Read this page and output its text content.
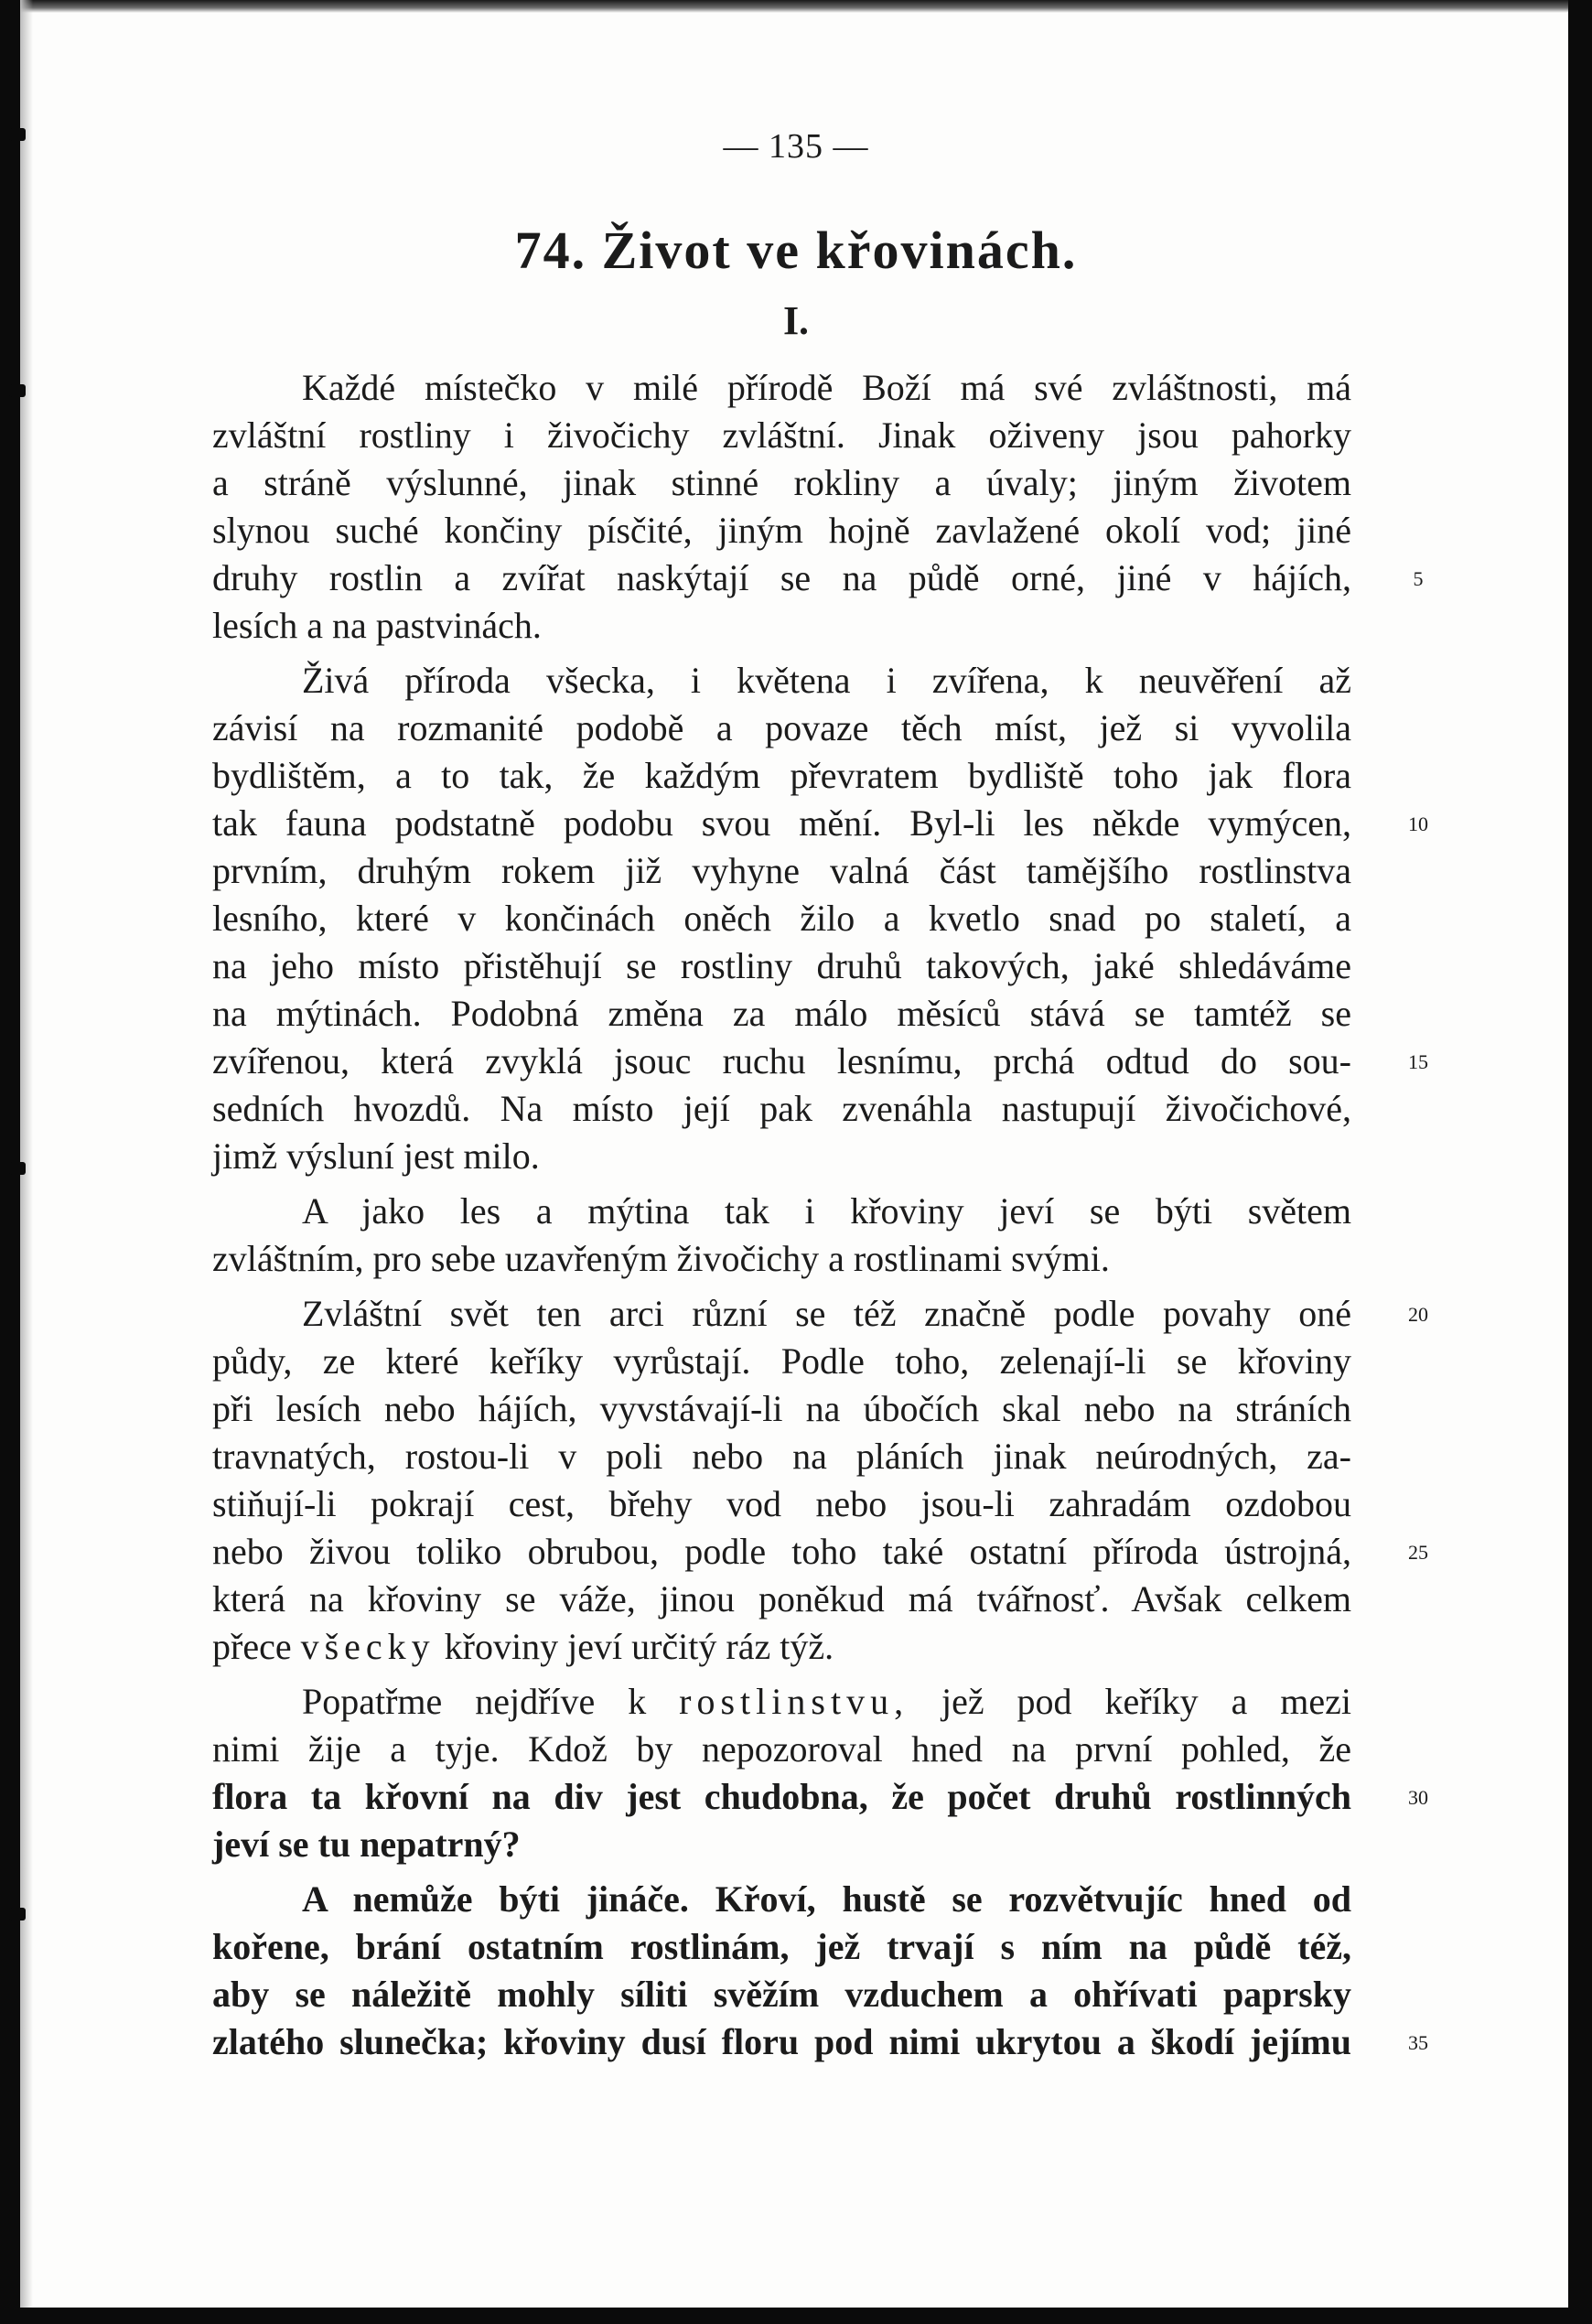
— 135 —
74. Život ve křovinách.
I.
Každé místečko v milé přírodě Boží má své zvláštnosti, má
zvláštní rostliny i živočichy zvláštní. Jinak oživeny jsou pahorky
a stráně výslunné, jinak stinné rokliny a úvaly; jiným životem
slynou suché končiny písčité, jiným hojně zavlažené okolí vod; jiné
druhy rostlin a zvířat naskýtají se na půdě orné, jiné v hájích,
lesích a na pastvinách.
Živá příroda všecka, i květena i zvířena, k neuvěření až
závisí na rozmanité podobě a povaze těch míst, jež si vyvolila
bydlištěm, a to tak, že každým převratem bydliště toho jak flora
tak fauna podstatně podobu svou mění. Byl-li les někde vymýcen,
prvním, druhým rokem již vyhyne valná část tamějšího rostlinstva
lesního, které v končinách oněch žilo a kvetlo snad po staletí, a
na jeho místo přistěhují se rostliny druhů takových, jaké shledáváme
na mýtinách. Podobná změna za málo měsíců stává se tamtéž se
zvířenou, která zvyklá jsouc ruchu lesnímu, prchá odtud do sou-
sedních hvozdů. Na místo její pak zvenáhla nastupují živočichové,
jimž výsluní jest milo.
A jako les a mýtina tak i křoviny jeví se býti světem
zvláštním, pro sebe uzavřeným živočichy a rostlinami svými.
Zvláštní svět ten arci různí se též značně podle povahy oné
půdy, ze které keříky vyrůstají. Podle toho, zelenají-li se křoviny
při lesích nebo hájích, vyvstávají-li na úbočích skal nebo na stráních
travnatých, rostou-li v poli nebo na pláních jinak neúrodných, za-
stiňují-li pokrají cest, břehy vod nebo jsou-li zahradám ozdobou
nebo živou toliko obrubou, podle toho také ostatní příroda ústrojná,
která na křoviny se váže, jinou poněkud má tvářnosť. Avšak celkem
přece všecky křoviny jeví určitý ráz týž.
Popatřme nejdříve k rostlinstvu, jež pod keříky a mezi
nimi žije a tyje. Kdož by nepozoroval hned na první pohled, že
flora ta křovní na div jest chudobna, že počet druhů rostlinných
jeví se tu nepatrný?
A nemůže býti jináče. Křoví, hustě se rozvětvujíc hned od
kořene, brání ostatním rostlinám, jež trvají s ním na půdě též,
aby se náležitě mohly síliti svěžím vzduchem a ohřívati paprsky
zlatého slunečka; křoviny dusí floru pod nimi ukrytou a škodí jejímu
5
10
15
20
25
30
35
